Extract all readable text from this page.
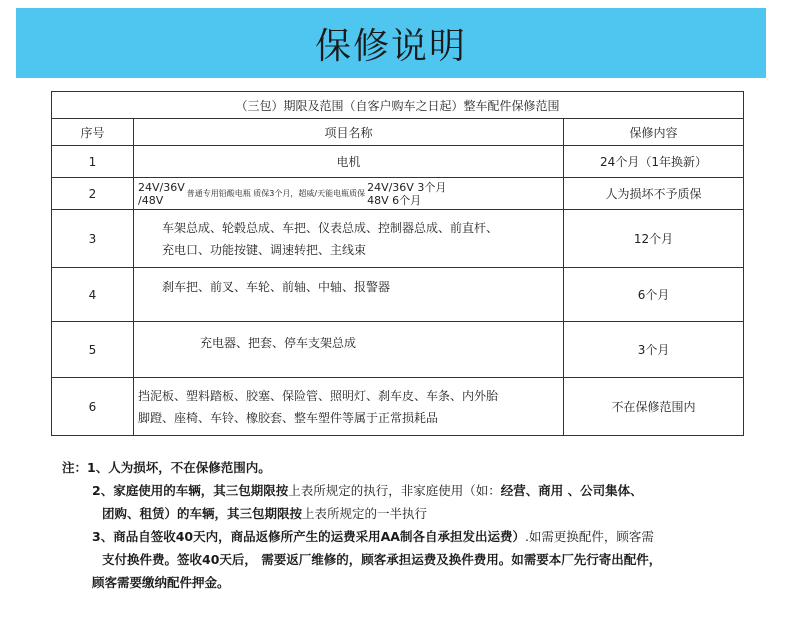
保修说明
（三包）期限及范围（自客户购车之日起）整车配件保修范围		
序号	项目名称	保修内容
1	电机	24个月（1年换新）
2	24V/36V
/48V 普通专用铅酸电瓶 质保3个月，超威/天能电瓶质保 24V/36V 3个月
48V 6个月	人为损坏不予质保
3	车架总成、轮毂总成、车把、仪表总成、控制器总成、前直杆、
充电口、功能按键、调速转把、主线束	12个月
4	刹车把、前叉、车轮、前轴、中轴、报警器	6个月
5	充电器、把套、停车支架总成	3个月
6	挡泥板、塑料踏板、胶塞、保险管、照明灯、刹车皮、车条、内外胎
脚蹬、座椅、车铃、橡胶套、整车塑件等属于正常损耗品	不在保修范围内
注：1、人为损坏，不在保修范围内。
2、家庭使用的车辆，其三包期限按上表所规定的执行，非家庭使用（如：经营、商用 、公司集体、
团购、租赁）的车辆，其三包期限按上表所规定的一半执行
3、商品自签收40天内，商品返修所产生的运费采用AA制各自承担发出运费）.如需更换配件，顾客需
支付换件费。签收40天后， 需要返厂维修的，顾客承担运费及换件费用。如需要本厂先行寄出配件，
顾客需要缴纳配件押金。
